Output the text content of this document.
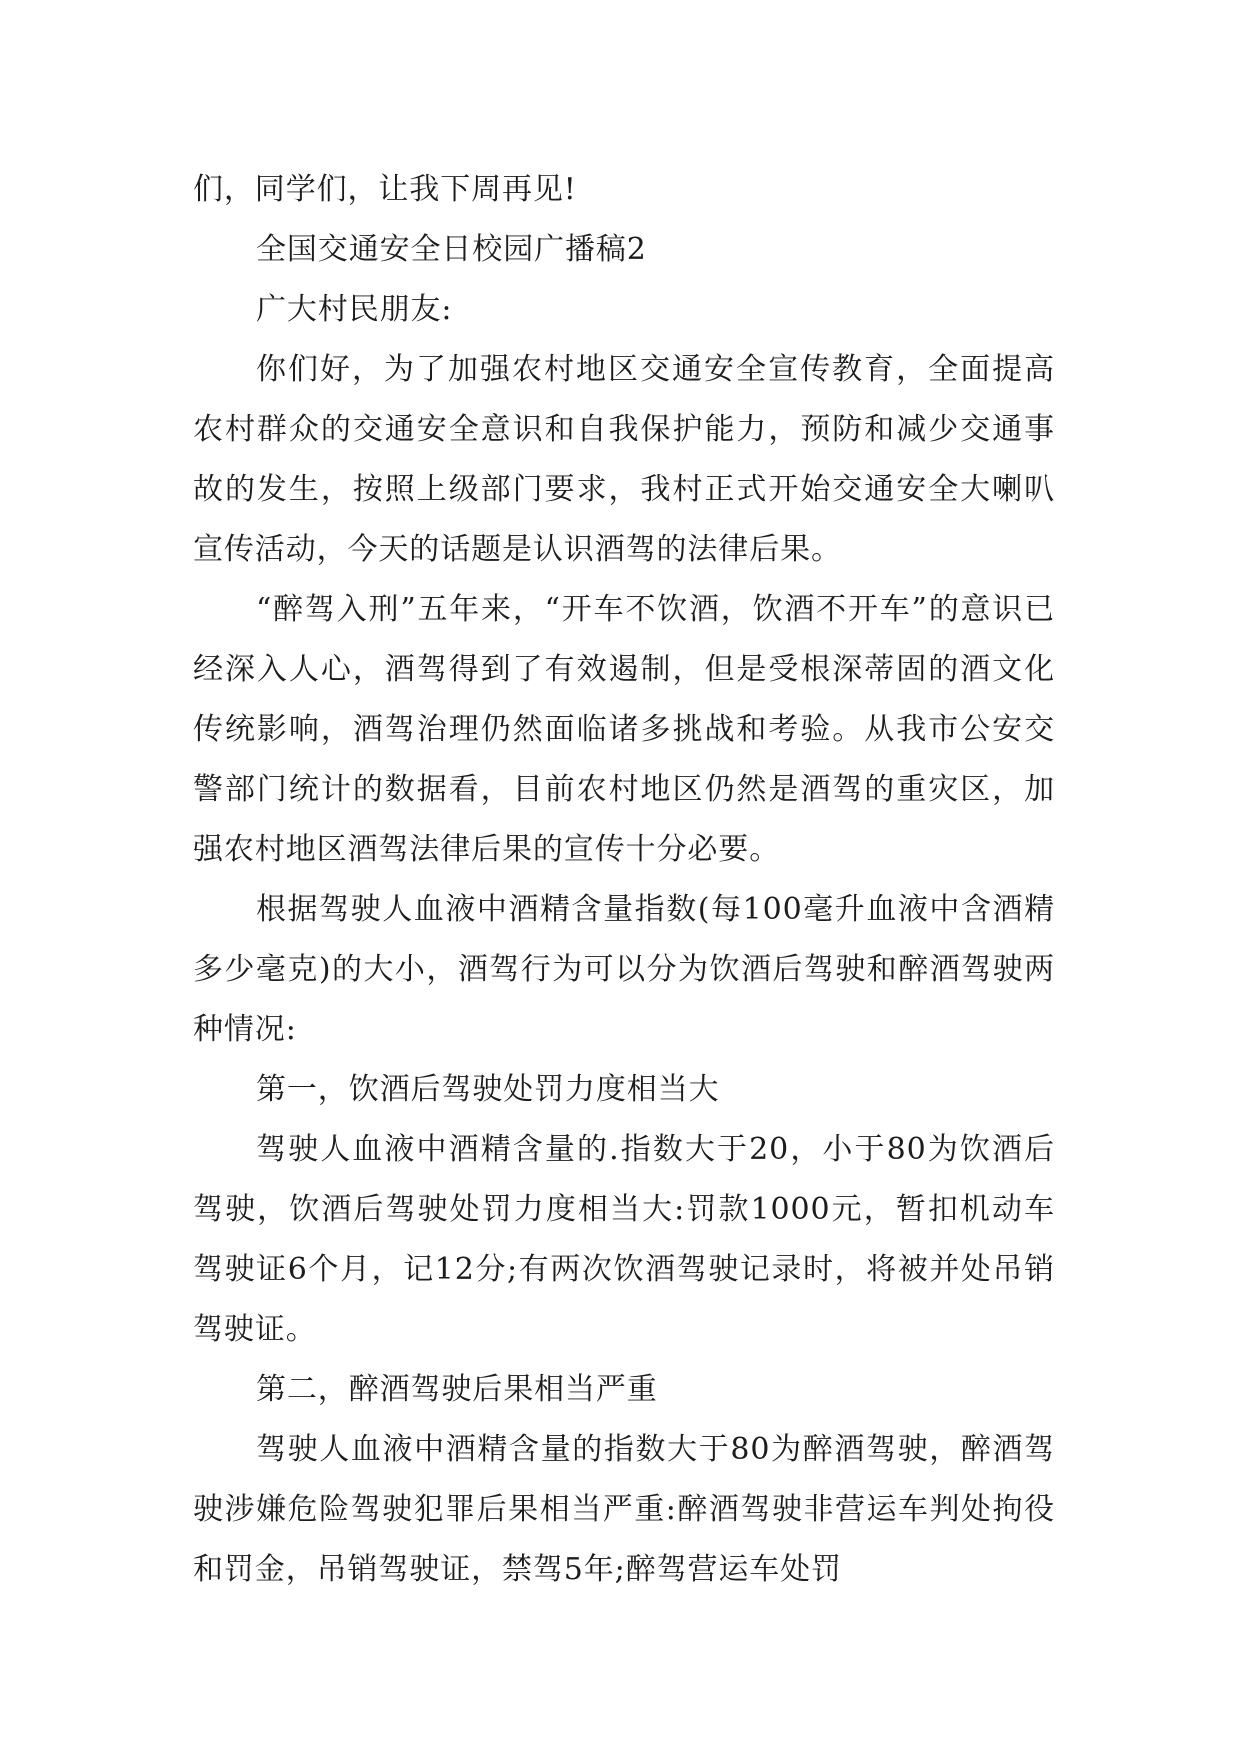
们，同学们，让我下周再见!

全国交通安全日校园广播稿2

广大村民朋友:

你们好，为了加强农村地区交通安全宣传教育，全面提高农村群众的交通安全意识和自我保护能力，预防和减少交通事故的发生，按照上级部门要求，我村正式开始交通安全大喇叭宣传活动，今天的话题是认识酒驾的法律后果。

“醉驾入刑”五年来，“开车不饮酒，饮酒不开车”的意识已经深入人心，酒驾得到了有效遏制，但是受根深蒂固的酒文化传统影响，酒驾治理仍然面临诸多挑战和考验。从我市公安交警部门统计的数据看，目前农村地区仍然是酒驾的重灾区，加强农村地区酒驾法律后果的宣传十分必要。

根据驾驶人血液中酒精含量指数(每100毫升血液中含酒精多少毫克)的大小，酒驾行为可以分为饮酒后驾驶和醉酒驾驶两种情况:

第一，饮酒后驾驶处罚力度相当大

驾驶人血液中酒精含量的.指数大于20，小于80为饮酒后驾驶，饮酒后驾驶处罚力度相当大:罚款1000元，暂扣机动车驾驶证6个月，记12分;有两次饮酒驾驶记录时，将被并处吊销驾驶证。

第二，醉酒驾驶后果相当严重

驾驶人血液中酒精含量的指数大于80为醉酒驾驶，醉酒驾驶涉嫌危险驾驶犯罪后果相当严重:醉酒驾驶非营运车判处拘役和罚金，吊销驾驶证，禁驾5年;醉驾营运车处罚
